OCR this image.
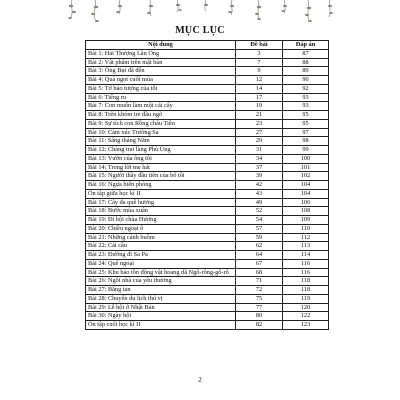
MỤC LỤC
Nội dung	Đề bài	Đáp án
Bài 1: Hải Thượng Lãn Ông	3	87
Bài 2: Vật phẩm trên mặt bàn	7	88
Bài 3: Ông Bụt đã đến	9	89
Bài 4: Quả ngọt cuối mùa	12	90
Bài 5: Tớ bảo tượng của tôi	14	92
Bài 6: Tiếng ru	17	93
Bài 7: Con muốn làm một cái cây	19	93
Bài 8: Trên khóm tre đầu ngõ	21	95
Bài 9: Sự tích con Rồng cháu Tiên	23	95
Bài 10: Cảm xúc Trường Sa	27	97
Bài 11: Sáng tháng Năm	29	98
Bài 12: Chàng trai làng Phù Ủng	31	99
Bài 13: Vườn của ông tôi	34	100
Bài 14: Trong lời mẹ hát	37	101
Bài 15: Người thầy đầu tiên của bố tôi	39	102
Bài 16: Ngựa biên phòng	42	104
Ôn tập giữa học kì II	43	104
Bài 17: Cây đa quê hương	49	106
Bài 18: Bước mùa xuân	52	108
Bài 19: Đi hội chùa Hương	54	109
Bài 20: Chiều ngoại ô	57	110
Bài 21: Những cánh buồm	59	112
Bài 22: Cái cầu	62	113
Bài 23: Đường đi Sa Pa	64	114
Bài 24: Quê ngoại	67	116
Bài 25: Khu bảo tồn động vật hoang dã Ngô-rông-gô-rô	68	116
Bài 26: Ngôi nhà của yêu thương	71	118
Bài 27: Băng tan	72	118
Bài 28: Chuyến du lịch thú vị	75	119
Bài 29: Lễ hội ở Nhật Bản	77	120
Bài 30: Ngày hội	80	122
Ôn tập cuối học kì II	82	123
2
